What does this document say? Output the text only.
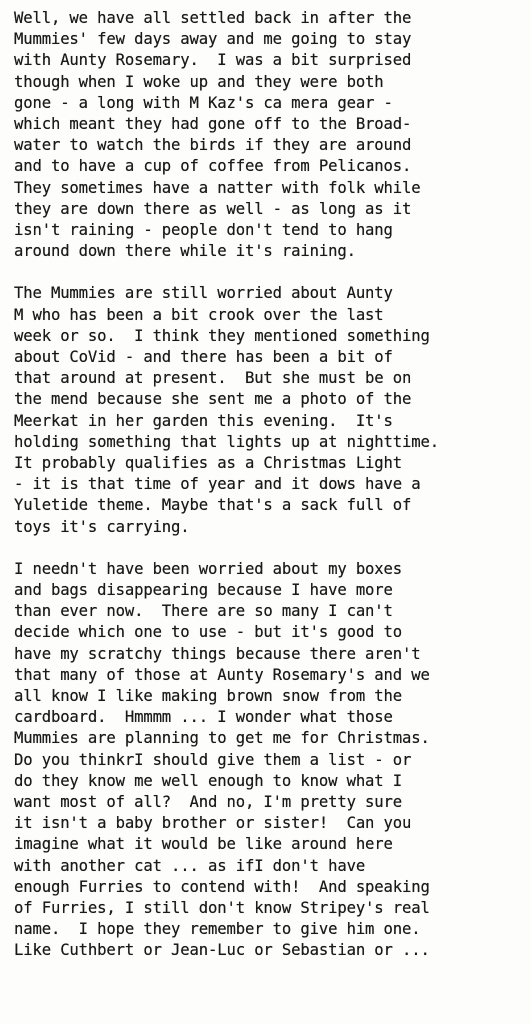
Well, we have all settled back in after the
Mummies' few days away and me going to stay
with Aunty Rosemary.  I was a bit surprised
though when I woke up and they were both
gone - a long with M Kaz's ca mera gear -
which meant they had gone off to the Broad-
water to watch the birds if they are around
and to have a cup of coffee from Pelicanos.
They sometimes have a natter with folk while
they are down there as well - as long as it
isn't raining - people don't tend to hang
around down there while it's raining.
The Mummies are still worried about Aunty
M who has been a bit crook over the last
week or so.  I think they mentioned something
about CoVid - and there has been a bit of
that around at present.  But she must be on
the mend because she sent me a photo of the
Meerkat in her garden this evening.  It's
holding something that lights up at nighttime.
It probably qualifies as a Christmas Light
- it is that time of year and it dows have a
Yuletide theme. Maybe that's a sack full of
toys it's carrying.
I needn't have been worried about my boxes
and bags disappearing because I have more
than ever now.  There are so many I can't
decide which one to use - but it's good to
have my scratchy things because there aren't
that many of those at Aunty Rosemary's and we
all know I like making brown snow from the
cardboard.  Hmmmm ... I wonder what those
Mummies are planning to get me for Christmas.
Do you thinkrI should give them a list - or
do they know me well enough to know what I
want most of all?  And no, I'm pretty sure
it isn't a baby brother or sister!  Can you
imagine what it would be like around here
with another cat ... as ifI don't have
enough Furries to contend with!  And speaking
of Furries, I still don't know Stripey's real
name.  I hope they remember to give him one.
Like Cuthbert or Jean-Luc or Sebastian or ...
